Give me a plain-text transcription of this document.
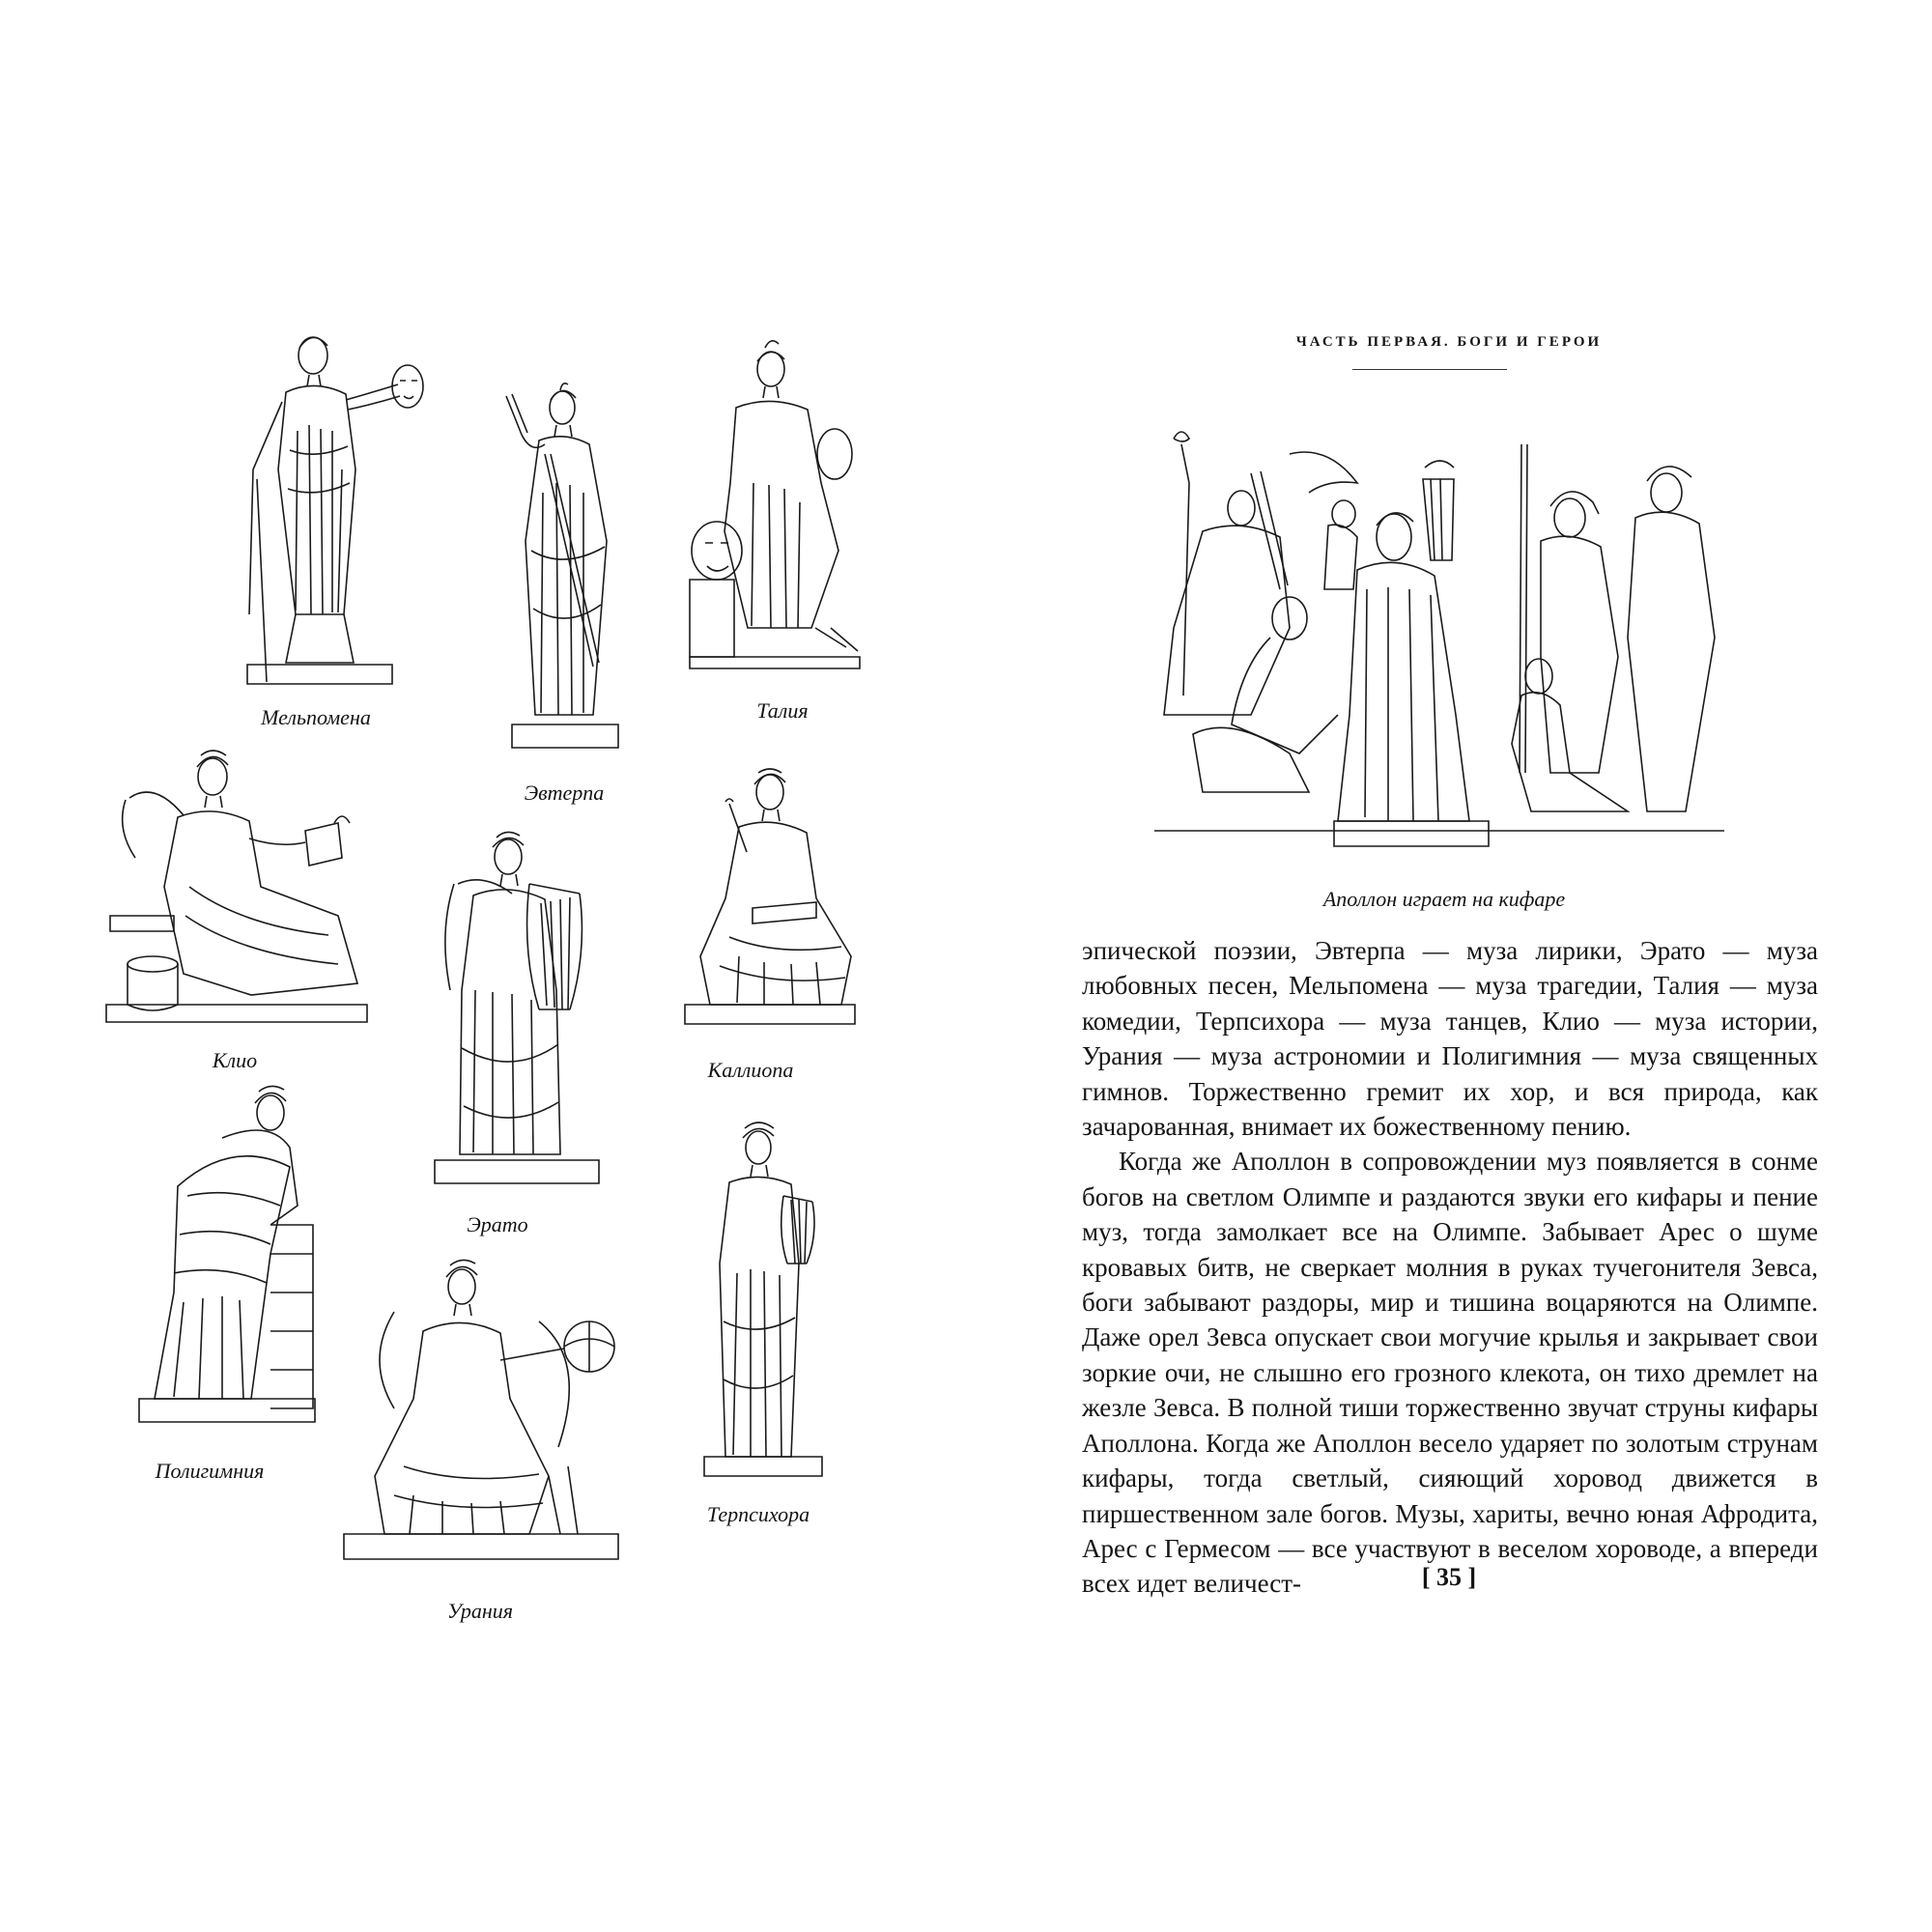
Мельпомена
Эвтерпа
Талия
Клио
Эрато
Каллиопа
Полигимния
Урания
Терпсихора
ЧАСТЬ ПЕРВАЯ. БОГИ И ГЕРОИ
Аполлон играет на кифаре

эпической поэзии, Эвтерпа — муза лирики, Эрато — муза любовных песен, Мельпомена — муза трагедии, Талия — муза комедии, Терпсихора — муза танцев, Клио — муза истории, Урания — муза астрономии и Полигимния — муза священных гимнов. Торжественно гремит их хор, и вся природа, как зачарованная, внимает их божественному пению.

Когда же Аполлон в сопровождении муз появляется в сонме богов на светлом Олимпе и раздаются звуки его кифары и пение муз, тогда замолкает все на Олимпе. Забывает Арес о шуме кровавых битв, не сверкает молния в руках тучегонителя Зевса, боги забывают раздоры, мир и тишина воцаряются на Олимпе. Даже орел Зевса опускает свои могучие крылья и закрывает свои зоркие очи, не слышно его грозного клекота, он тихо дремлет на жезле Зевса. В полной тиши торжественно звучат струны кифары Аполлона. Когда же Аполлон весело ударяет по золотым струнам кифары, тогда светлый, сияющий хоровод движется в пиршественном зале богов. Музы, хариты, вечно юная Афродита, Арес с Гермесом — все участвуют в веселом хороводе, а впереди всех идет величест-	[ 35 ]
